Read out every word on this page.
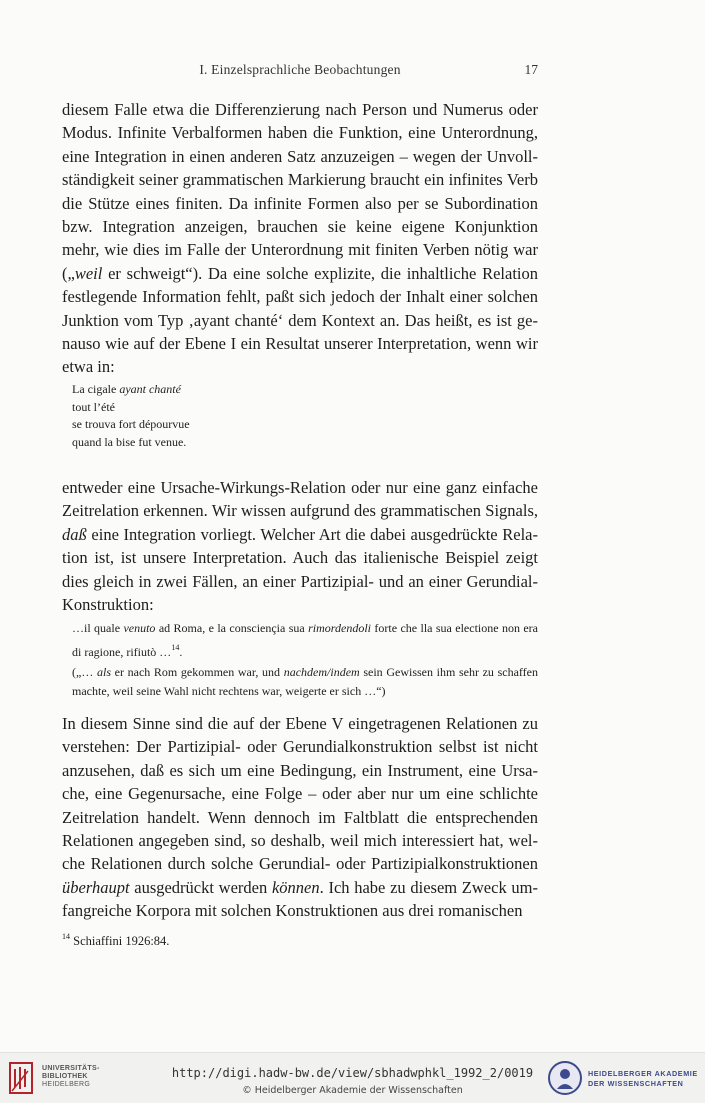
I. Einzelsprachliche Beobachtungen	17
diesem Falle etwa die Differenzierung nach Person und Numerus oder Modus. Infinite Verbalformen haben die Funktion, eine Unterordnung, eine Integration in einen anderen Satz anzuzeigen – wegen der Unvollständigkeit seiner grammatischen Markierung braucht ein infinites Verb die Stütze eines finiten. Da infinite Formen also per se Subordination bzw. Integration anzeigen, brauchen sie keine eigene Konjunktion mehr, wie dies im Falle der Unterordnung mit finiten Verben nötig war („weil er schweigt“). Da eine solche explizite, die inhaltliche Relation festlegende Information fehlt, paßt sich jedoch der Inhalt einer solchen Junktion vom Typ ‚ayant chanté‘ dem Kontext an. Das heißt, es ist genauso wie auf der Ebene I ein Resultat unserer Interpretation, wenn wir etwa in:
La cigale ayant chanté
tout l’été
se trouva fort dépourvue
quand la bise fut venue.
entweder eine Ursache-Wirkungs-Relation oder nur eine ganz einfache Zeitrelation erkennen. Wir wissen aufgrund des grammatischen Signals, daß eine Integration vorliegt. Welcher Art die dabei ausgedrückte Relation ist, ist unsere Interpretation. Auch das italienische Beispiel zeigt dies gleich in zwei Fällen, an einer Partizipial- und an einer Gerundial-Konstruktion:
…il quale venuto ad Roma, e la consciençia sua rimordendoli forte che lla sua electione non era di ragione, rifiutò …$^{14}$.
(„… als er nach Rom gekommen war, und nachdem/indem sein Gewissen ihm sehr zu schaffen machte, weil seine Wahl nicht rechtens war, weigerte er sich …“)
In diesem Sinne sind die auf der Ebene V eingetragenen Relationen zu verstehen: Der Partizipial- oder Gerundialkonstruktion selbst ist nicht anzusehen, daß es sich um eine Bedingung, ein Instrument, eine Ursache, eine Gegenursache, eine Folge – oder aber nur um eine schlichte Zeitrelation handelt. Wenn dennoch im Faltblatt die entsprechenden Relationen angegeben sind, so deshalb, weil mich interessiert hat, welche Relationen durch solche Gerundial- oder Partizipialkonstruktionen überhaupt ausgedrückt werden können. Ich habe zu diesem Zweck umfangreiche Korpora mit solchen Konstruktionen aus drei romanischen
$^{14}$ Schiaffini 1926:84.
UNIVERSITÄTS-
BIBLIOTHEK
HEIDELBERG
http://digi.hadw-bw.de/view/sbhadwphkl_1992_2/0019
© Heidelberger Akademie der Wissenschaften
HEIDELBERGER AKADEMIE
DER WISSENSCHAFTEN
